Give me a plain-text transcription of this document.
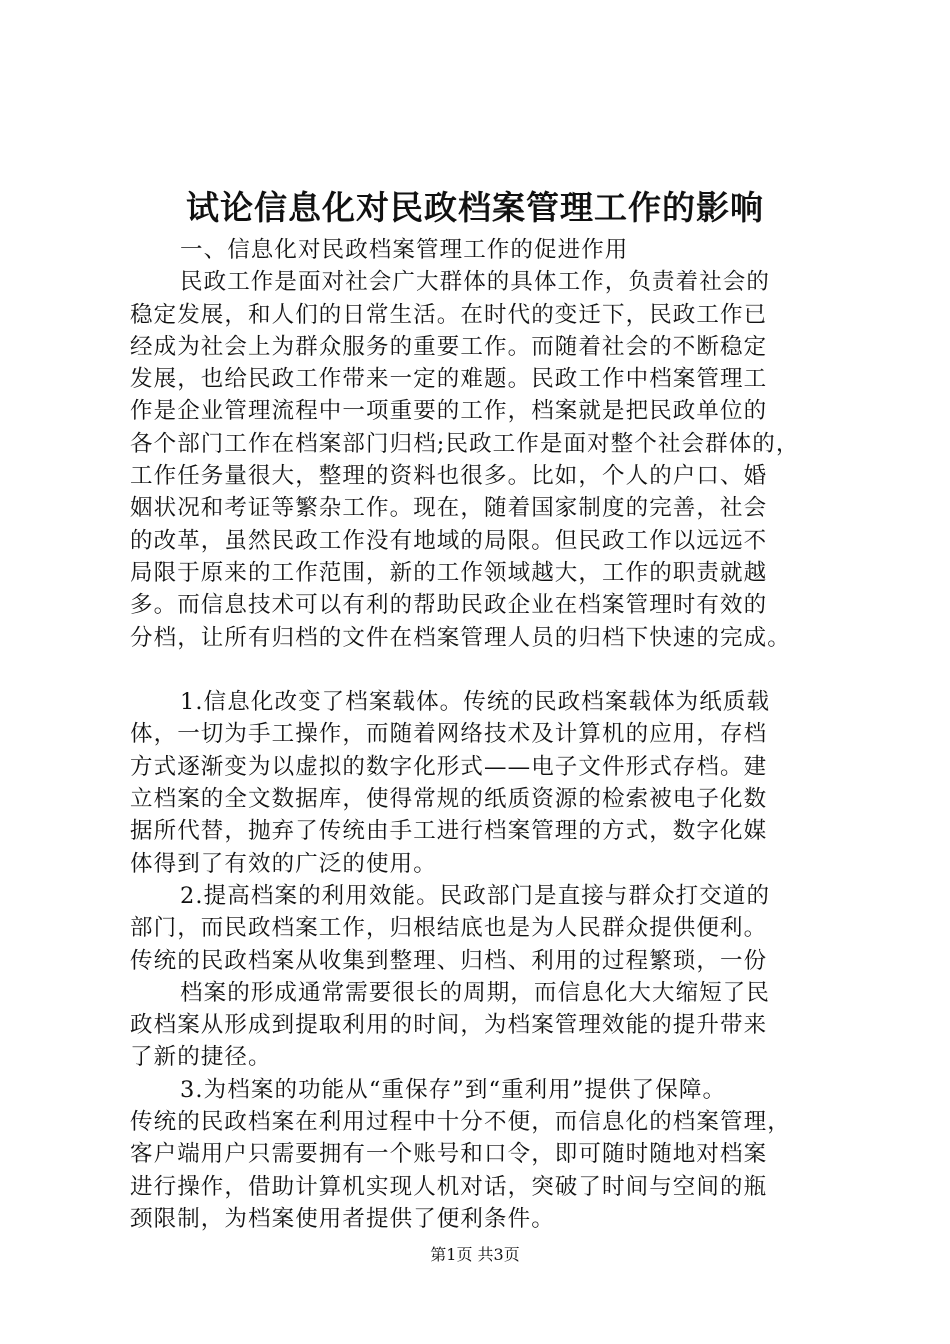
试论信息化对民政档案管理工作的影响
一、信息化对民政档案管理工作的促进作用
民政工作是面对社会广大群体的具体工作，负责着社会的
稳定发展，和人们的日常生活。在时代的变迁下，民政工作已
经成为社会上为群众服务的重要工作。而随着社会的不断稳定
发展，也给民政工作带来一定的难题。民政工作中档案管理工
作是企业管理流程中一项重要的工作，档案就是把民政单位的
各个部门工作在档案部门归档;民政工作是面对整个社会群体的，
工作任务量很大，整理的资料也很多。比如，个人的户口、婚
姻状况和考证等繁杂工作。现在，随着国家制度的完善，社会
的改革，虽然民政工作没有地域的局限。但民政工作以远远不
局限于原来的工作范围，新的工作领域越大，工作的职责就越
多。而信息技术可以有利的帮助民政企业在档案管理时有效的
分档，让所有归档的文件在档案管理人员的归档下快速的完成。
1.信息化改变了档案载体。传统的民政档案载体为纸质载
体，一切为手工操作，而随着网络技术及计算机的应用，存档
方式逐渐变为以虚拟的数字化形式——电子文件形式存档。建
立档案的全文数据库，使得常规的纸质资源的检索被电子化数
据所代替，抛弃了传统由手工进行档案管理的方式，数字化媒
体得到了有效的广泛的使用。
2.提高档案的利用效能。民政部门是直接与群众打交道的
部门，而民政档案工作，归根结底也是为人民群众提供便利。
传统的民政档案从收集到整理、归档、利用的过程繁琐，一份
档案的形成通常需要很长的周期，而信息化大大缩短了民
政档案从形成到提取利用的时间，为档案管理效能的提升带来
了新的捷径。
3.为档案的功能从“重保存”到“重利用”提供了保障。
传统的民政档案在利用过程中十分不便，而信息化的档案管理，
客户端用户只需要拥有一个账号和口令，即可随时随地对档案
进行操作，借助计算机实现人机对话，突破了时间与空间的瓶
颈限制，为档案使用者提供了便利条件。
第1页 共3页
